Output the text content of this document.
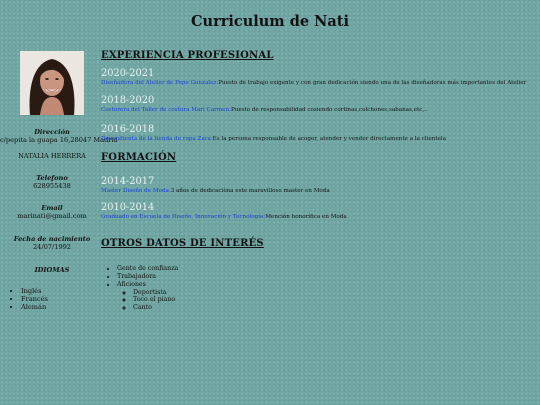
Curriculum de Nati
Dirección
c/pepita la guapa 16,28047 Madrid
NATALIA HERRERA
Telefono
628955438
Email
marinati@gmail.com
Fecha de nacimiento
24/07/1992
IDIOMAS
• Inglés
• Francés
• Alemán
EXPERIENCIA PROFESIONAL
2020-2021
Diseñadora del Atelier de Pepe Gonzalez:Puesto de trabajo exigente y con gran dedicación siendo una de las diseñadoras más importantes del Atelier
2018-2020
Costurera del Taller de costura Mari Carmen:Puesto de responsabilidad cosiendo cortinas,colchones,sabanas,etc,..
2016-2018
Dependienta de la tienda de ropa Zara:Es la persona responsable de acoger, atender y vender directamente a la clientela
FORMACIÓN
2014-2017
Master Diseño de Moda:3 años de dedicaciòna este maravilloso master en Moda
2010-2014
Graduado en Escuela de Diseño, Innovación y Tecnología:Mención honorífica en Moda
OTROS DATOS DE INTERÉS
• Gente de confianza
• Trabajadora
• Aficiones
◦ Deportista
◦ Toco el piano
◦ Canto
